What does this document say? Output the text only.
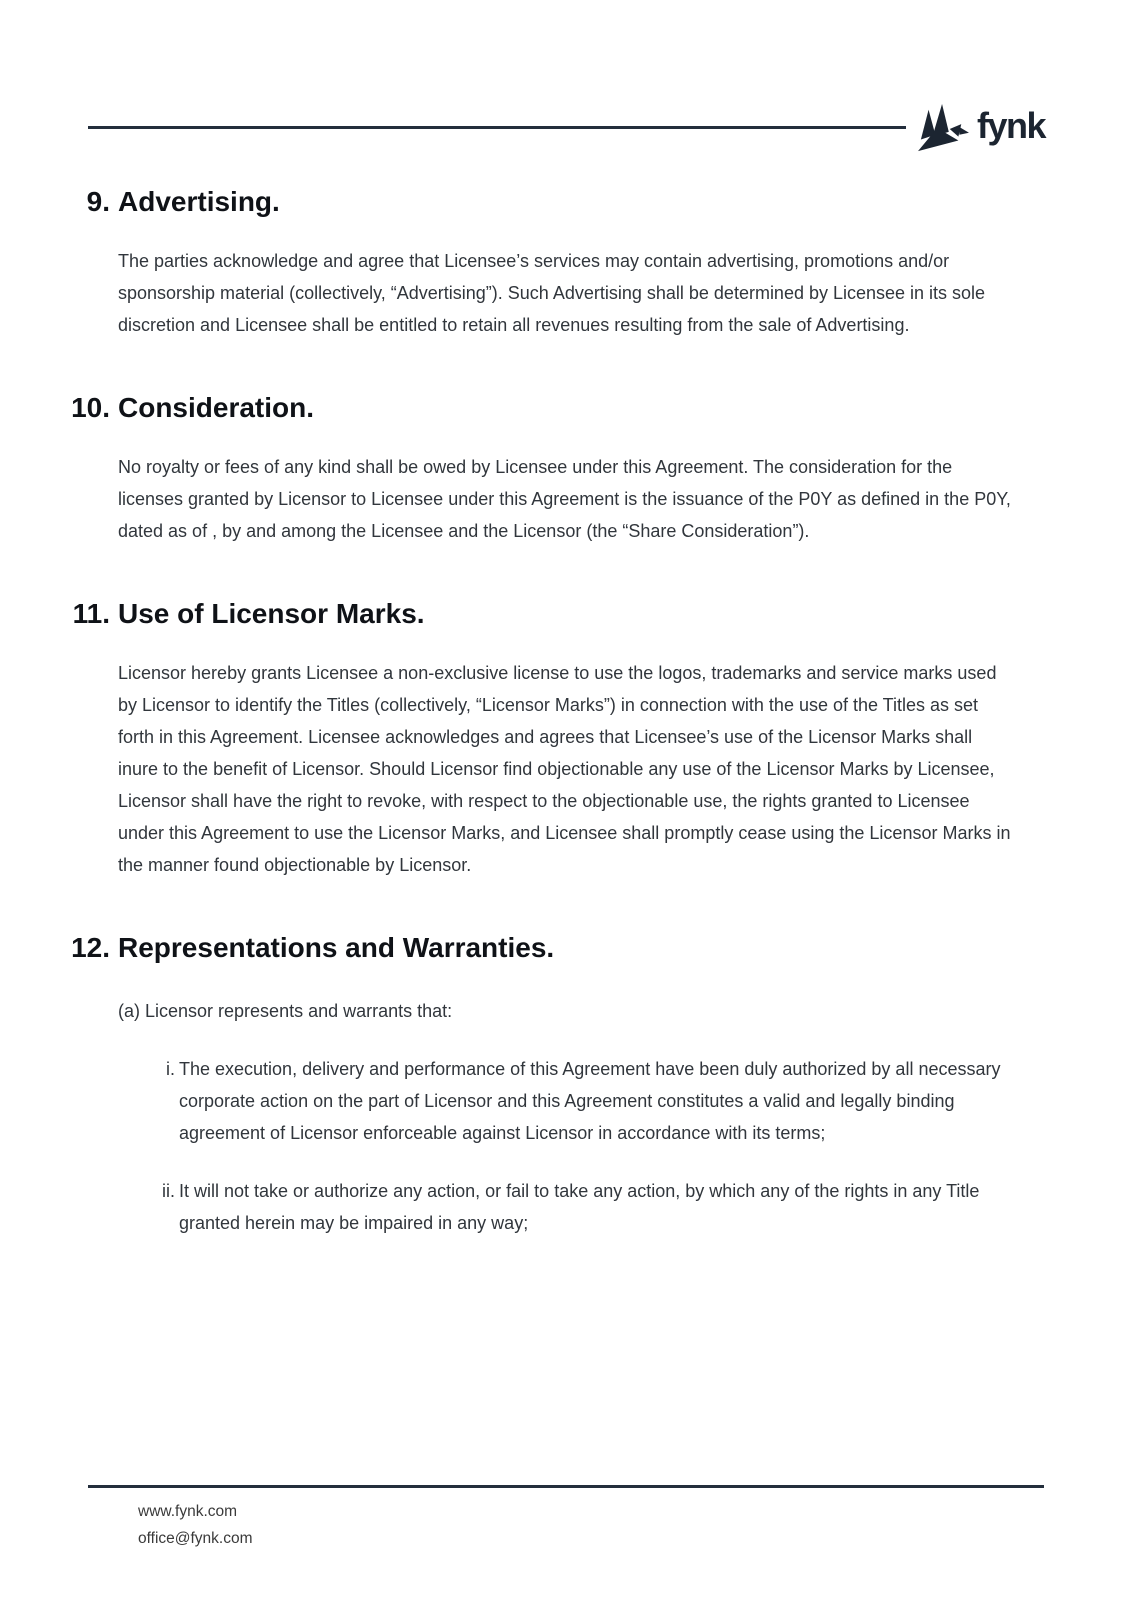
fynk
9. Advertising.
The parties acknowledge and agree that Licensee’s services may contain advertising, promotions and/or sponsorship material (collectively, “Advertising”). Such Advertising shall be determined by Licensee in its sole discretion and Licensee shall be entitled to retain all revenues resulting from the sale of Advertising.
10. Consideration.
No royalty or fees of any kind shall be owed by Licensee under this Agreement. The consideration for the licenses granted by Licensor to Licensee under this Agreement is the issuance of the P0Y as defined in the P0Y, dated as of , by and among the Licensee and the Licensor (the “Share Consideration”).
11. Use of Licensor Marks.
Licensor hereby grants Licensee a non-exclusive license to use the logos, trademarks and service marks used by Licensor to identify the Titles (collectively, “Licensor Marks”) in connection with the use of the Titles as set forth in this Agreement. Licensee acknowledges and agrees that Licensee’s use of the Licensor Marks shall inure to the benefit of Licensor. Should Licensor find objectionable any use of the Licensor Marks by Licensee, Licensor shall have the right to revoke, with respect to the objectionable use, the rights granted to Licensee under this Agreement to use the Licensor Marks, and Licensee shall promptly cease using the Licensor Marks in the manner found objectionable by Licensor.
12. Representations and Warranties.
(a) Licensor represents and warrants that:
i. The execution, delivery and performance of this Agreement have been duly authorized by all necessary corporate action on the part of Licensor and this Agreement constitutes a valid and legally binding agreement of Licensor enforceable against Licensor in accordance with its terms;
ii. It will not take or authorize any action, or fail to take any action, by which any of the rights in any Title granted herein may be impaired in any way;
www.fynk.com
office@fynk.com
